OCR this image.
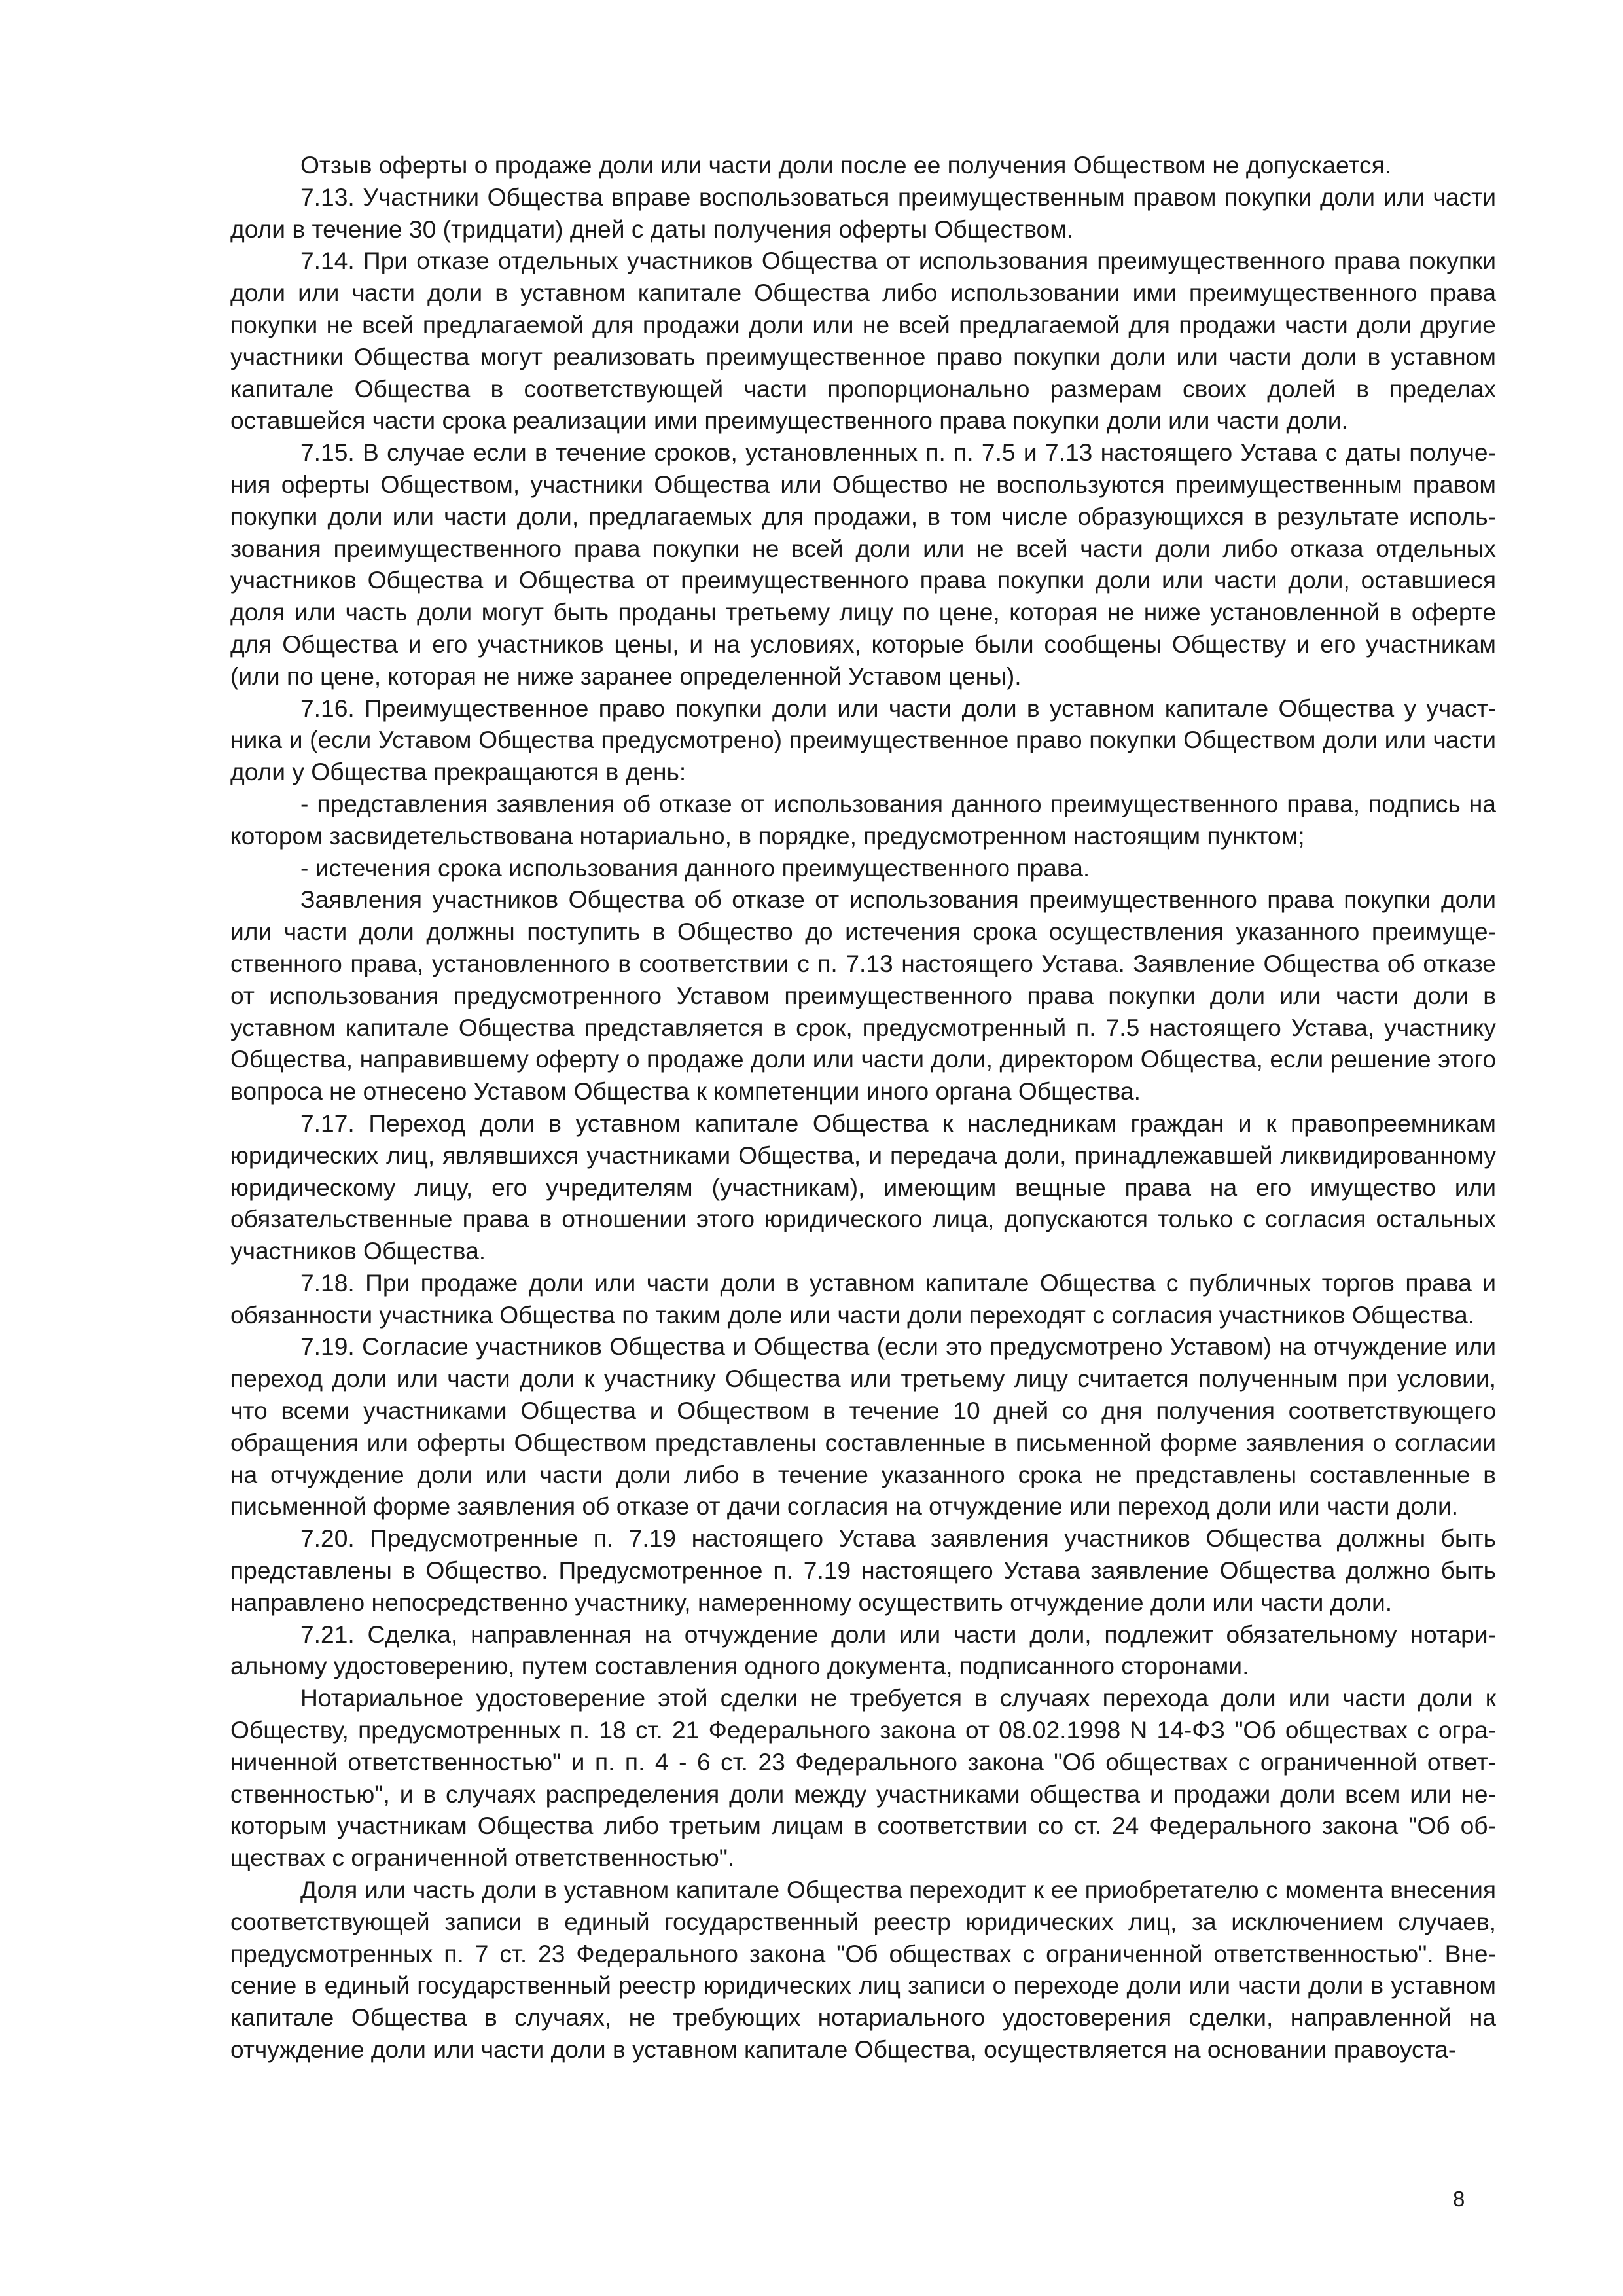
Отзыв оферты о продаже доли или части доли после ее получения Обществом не допускается.

7.13. Участники Общества вправе воспользоваться преимущественным правом покупки доли или части доли в течение 30 (тридцати) дней с даты получения оферты Обществом.

7.14. При отказе отдельных участников Общества от использования преимущественного права покупки доли или части доли в уставном капитале Общества либо использовании ими преимущественного права покупки не всей предлагаемой для продажи доли или не всей предлагаемой для продажи части доли другие участники Общества могут реализовать преимущественное право покупки доли или части доли в уставном капитале Общества в соответствующей части пропорционально размерам своих долей в пределах оставшейся части срока реализации ими преимущественного права покупки доли или части доли.

7.15. В случае если в течение сроков, установленных п. п. 7.5 и 7.13 настоящего Устава с даты получения оферты Обществом, участники Общества или Общество не воспользуются преимущественным правом покупки доли или части доли, предлагаемых для продажи, в том числе образующихся в результате использования преимущественного права покупки не всей доли или не всей части доли либо отказа отдельных участников Общества и Общества от преимущественного права покупки доли или части доли, оставшиеся доля или часть доли могут быть проданы третьему лицу по цене, которая не ниже установленной в оферте для Общества и его участников цены, и на условиях, которые были сообщены Обществу и его участникам (или по цене, которая не ниже заранее определенной Уставом цены).

7.16. Преимущественное право покупки доли или части доли в уставном капитале Общества у участника и (если Уставом Общества предусмотрено) преимущественное право покупки Обществом доли или части доли у Общества прекращаются в день:

- представления заявления об отказе от использования данного преимущественного права, подпись на котором засвидетельствована нотариально, в порядке, предусмотренном настоящим пунктом;

- истечения срока использования данного преимущественного права.

Заявления участников Общества об отказе от использования преимущественного права покупки доли или части доли должны поступить в Общество до истечения срока осуществления указанного преимущественного права, установленного в соответствии с п. 7.13 настоящего Устава. Заявление Общества об отказе от использования предусмотренного Уставом преимущественного права покупки доли или части доли в уставном капитале Общества представляется в срок, предусмотренный п. 7.5 настоящего Устава, участнику Общества, направившему оферту о продаже доли или части доли, директором Общества, если решение этого вопроса не отнесено Уставом Общества к компетенции иного органа Общества.

7.17. Переход доли в уставном капитале Общества к наследникам граждан и к правопреемникам юридических лиц, являвшихся участниками Общества, и передача доли, принадлежавшей ликвидированному юридическому лицу, его учредителям (участникам), имеющим вещные права на его имущество или обязательственные права в отношении этого юридического лица, допускаются только с согласия остальных участников Общества.

7.18. При продаже доли или части доли в уставном капитале Общества с публичных торгов права и обязанности участника Общества по таким доле или части доли переходят с согласия участников Общества.

7.19. Согласие участников Общества и Общества (если это предусмотрено Уставом) на отчуждение или переход доли или части доли к участнику Общества или третьему лицу считается полученным при условии, что всеми участниками Общества и Обществом в течение 10 дней со дня получения соответствующего обращения или оферты Обществом представлены составленные в письменной форме заявления о согласии на отчуждение доли или части доли либо в течение указанного срока не представлены составленные в письменной форме заявления об отказе от дачи согласия на отчуждение или переход доли или части доли.

7.20. Предусмотренные п. 7.19 настоящего Устава заявления участников Общества должны быть представлены в Общество. Предусмотренное п. 7.19 настоящего Устава заявление Общества должно быть направлено непосредственно участнику, намеренному осуществить отчуждение доли или части доли.

7.21. Сделка, направленная на отчуждение доли или части доли, подлежит обязательному нотариальному удостоверению, путем составления одного документа, подписанного сторонами.

Нотариальное удостоверение этой сделки не требуется в случаях перехода доли или части доли к Обществу, предусмотренных п. 18 ст. 21 Федерального закона от 08.02.1998 N 14-ФЗ "Об обществах с ограниченной ответственностью" и п. п. 4 - 6 ст. 23 Федерального закона "Об обществах с ограниченной ответственностью", и в случаях распределения доли между участниками общества и продажи доли всем или некоторым участникам Общества либо третьим лицам в соответствии со ст. 24 Федерального закона "Об обществах с ограниченной ответственностью".

Доля или часть доли в уставном капитале Общества переходит к ее приобретателю с момента внесения соответствующей записи в единый государственный реестр юридических лиц, за исключением случаев, предусмотренных п. 7 ст. 23 Федерального закона "Об обществах с ограниченной ответственностью". Внесение в единый государственный реестр юридических лиц записи о переходе доли или части доли в уставном капитале Общества в случаях, не требующих нотариального удостоверения сделки, направленной на отчуждение доли или части доли в уставном капитале Общества, осуществляется на основании правоуста-

8
